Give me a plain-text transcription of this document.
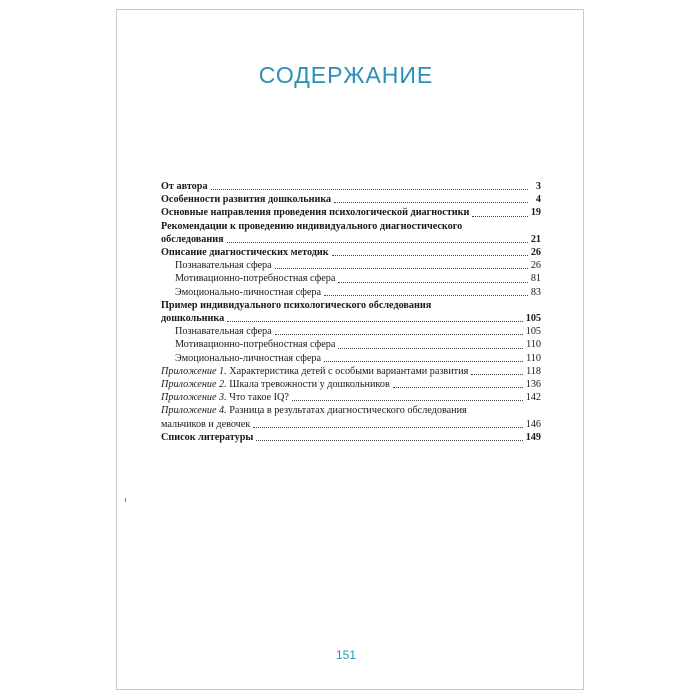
СОДЕРЖАНИЕ
От автора	3
Особенности развития дошкольника	4
Основные направления проведения психологической диагностики	19
Рекомендации к проведению индивидуального диагностического
обследования	21
Описание диагностических методик	26
Познавательная сфера	26
Мотивационно-потребностная сфера	81
Эмоционально-личностная сфера	83
Пример индивидуального психологического обследования
дошкольника	105
Познавательная сфера	105
Мотивационно-потребностная сфера	110
Эмоционально-личностная сфера	110
Приложение 1. Характеристика детей с особыми вариантами развития	118
Приложение 2. Шкала тревожности у дошкольников	136
Приложение 3. Что такое IQ?	142
Приложение 4. Разница в результатах диагностического обследования
мальчиков и девочек	146
Список литературы	149
151
